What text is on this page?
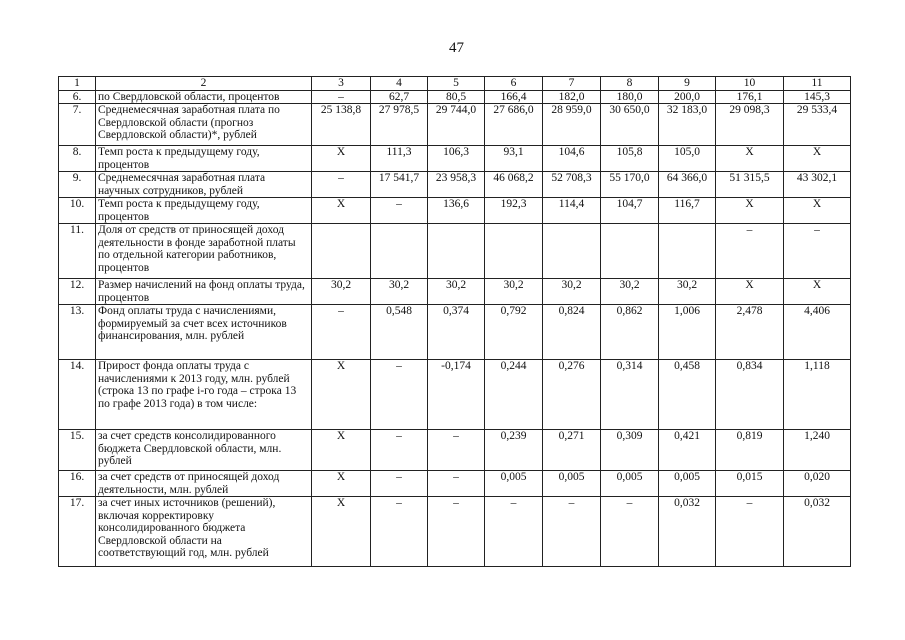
47
1	2	3	4	5	6	7	8	9	10	11
6.	по Свердловской области, процентов	–	62,7	80,5	166,4	182,0	180,0	200,0	176,1	145,3
7.	Среднемесячная заработная плата по Свердловской области (прогноз Свердловской области)*, рублей	25 138,8	27 978,5	29 744,0	27 686,0	28 959,0	30 650,0	32 183,0	29 098,3	29 533,4
8.	Темп роста к предыдущему году, процентов	X	111,3	106,3	93,1	104,6	105,8	105,0	X	X
9.	Среднемесячная заработная плата научных сотрудников, рублей	–	17 541,7	23 958,3	46 068,2	52 708,3	55 170,0	64 366,0	51 315,5	43 302,1
10.	Темп роста к предыдущему году, процентов	X	–	136,6	192,3	114,4	104,7	116,7	X	X
11.	Доля от средств от приносящей доход деятельности в фонде заработной платы по отдельной категории работников, процентов								–	–
12.	Размер начислений на фонд оплаты труда, процентов	30,2	30,2	30,2	30,2	30,2	30,2	30,2	X	X
13.	Фонд оплаты труда с начислениями, формируемый за счет всех источников финансирования, млн. рублей	–	0,548	0,374	0,792	0,824	0,862	1,006	2,478	4,406
14.	Прирост фонда оплаты труда с начислениями к 2013 году, млн. рублей (строка 13 по графе i-го года – строка 13 по графе 2013 года) в том числе:	X	–	-0,174	0,244	0,276	0,314	0,458	0,834	1,118
15.	за счет средств консолидированного бюджета Свердловской области, млн. рублей	X	–	–	0,239	0,271	0,309	0,421	0,819	1,240
16.	за счет средств от приносящей доход деятельности, млн. рублей	X	–	–	0,005	0,005	0,005	0,005	0,015	0,020
17.	за счет иных источников (решений), включая корректировку консолидированного бюджета Свердловской области на соответствующий год, млн. рублей	X	–	–	–	–	–	0,032	–	0,032
